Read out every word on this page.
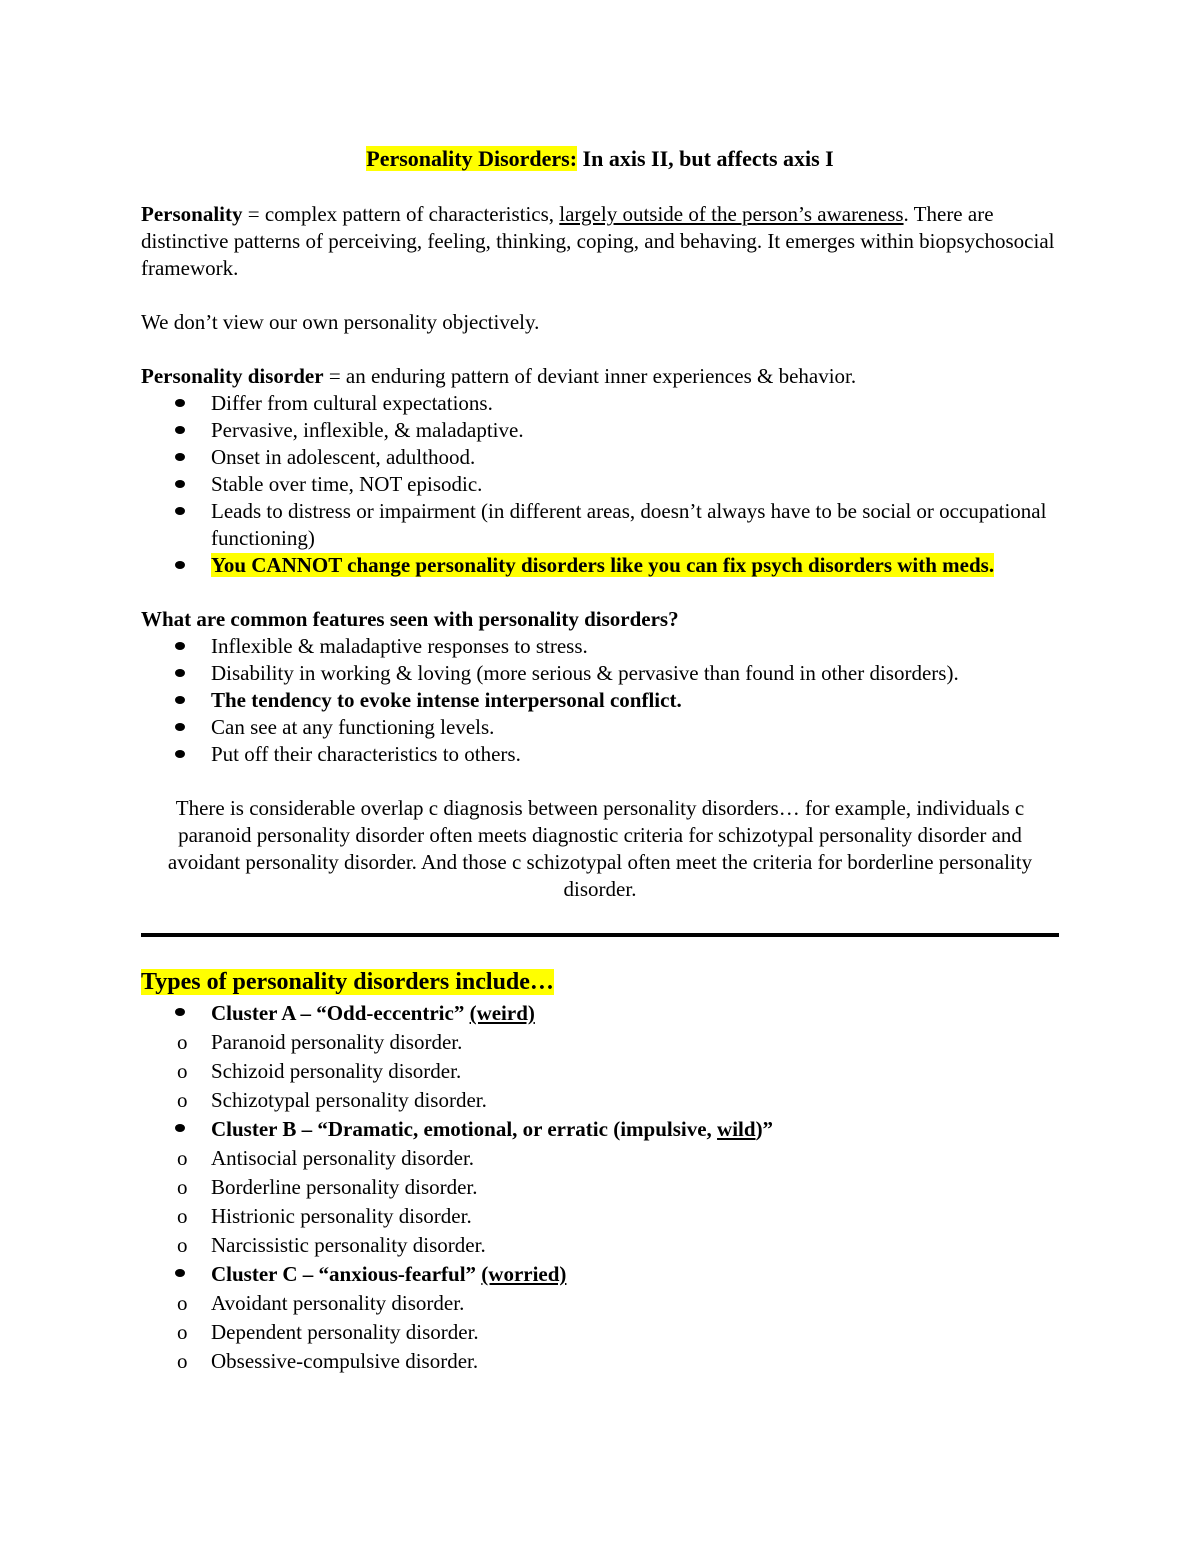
Personality Disorders: In axis II, but affects axis I

Personality = complex pattern of characteristics, largely outside of the person’s awareness. There are distinctive patterns of perceiving, feeling, thinking, coping, and behaving. It emerges within biopsychosocial framework.

We don’t view our own personality objectively.

Personality disorder = an enduring pattern of deviant inner experiences & behavior.

Differ from cultural expectations.
Pervasive, inflexible, & maladaptive.
Onset in adolescent, adulthood.
Stable over time, NOT episodic.
Leads to distress or impairment (in different areas, doesn’t always have to be social or occupational functioning)
You CANNOT change personality disorders like you can fix psych disorders with meds.

What are common features seen with personality disorders?

Inflexible & maladaptive responses to stress.
Disability in working & loving (more serious & pervasive than found in other disorders).
The tendency to evoke intense interpersonal conflict.
Can see at any functioning levels.
Put off their characteristics to others.

There is considerable overlap c diagnosis between personality disorders… for example, individuals c paranoid personality disorder often meets diagnostic criteria for schizotypal personality disorder and avoidant personality disorder. And those c schizotypal often meet the criteria for borderline personality disorder.

Types of personality disorders include…

Cluster A – “Odd-eccentric” (weird)
o Paranoid personality disorder.
o Schizoid personality disorder.
o Schizotypal personality disorder.
Cluster B – “Dramatic, emotional, or erratic (impulsive, wild)”
o Antisocial personality disorder.
o Borderline personality disorder.
o Histrionic personality disorder.
o Narcissistic personality disorder.
Cluster C – “anxious-fearful” (worried)
o Avoidant personality disorder.
o Dependent personality disorder.
o Obsessive-compulsive disorder.
